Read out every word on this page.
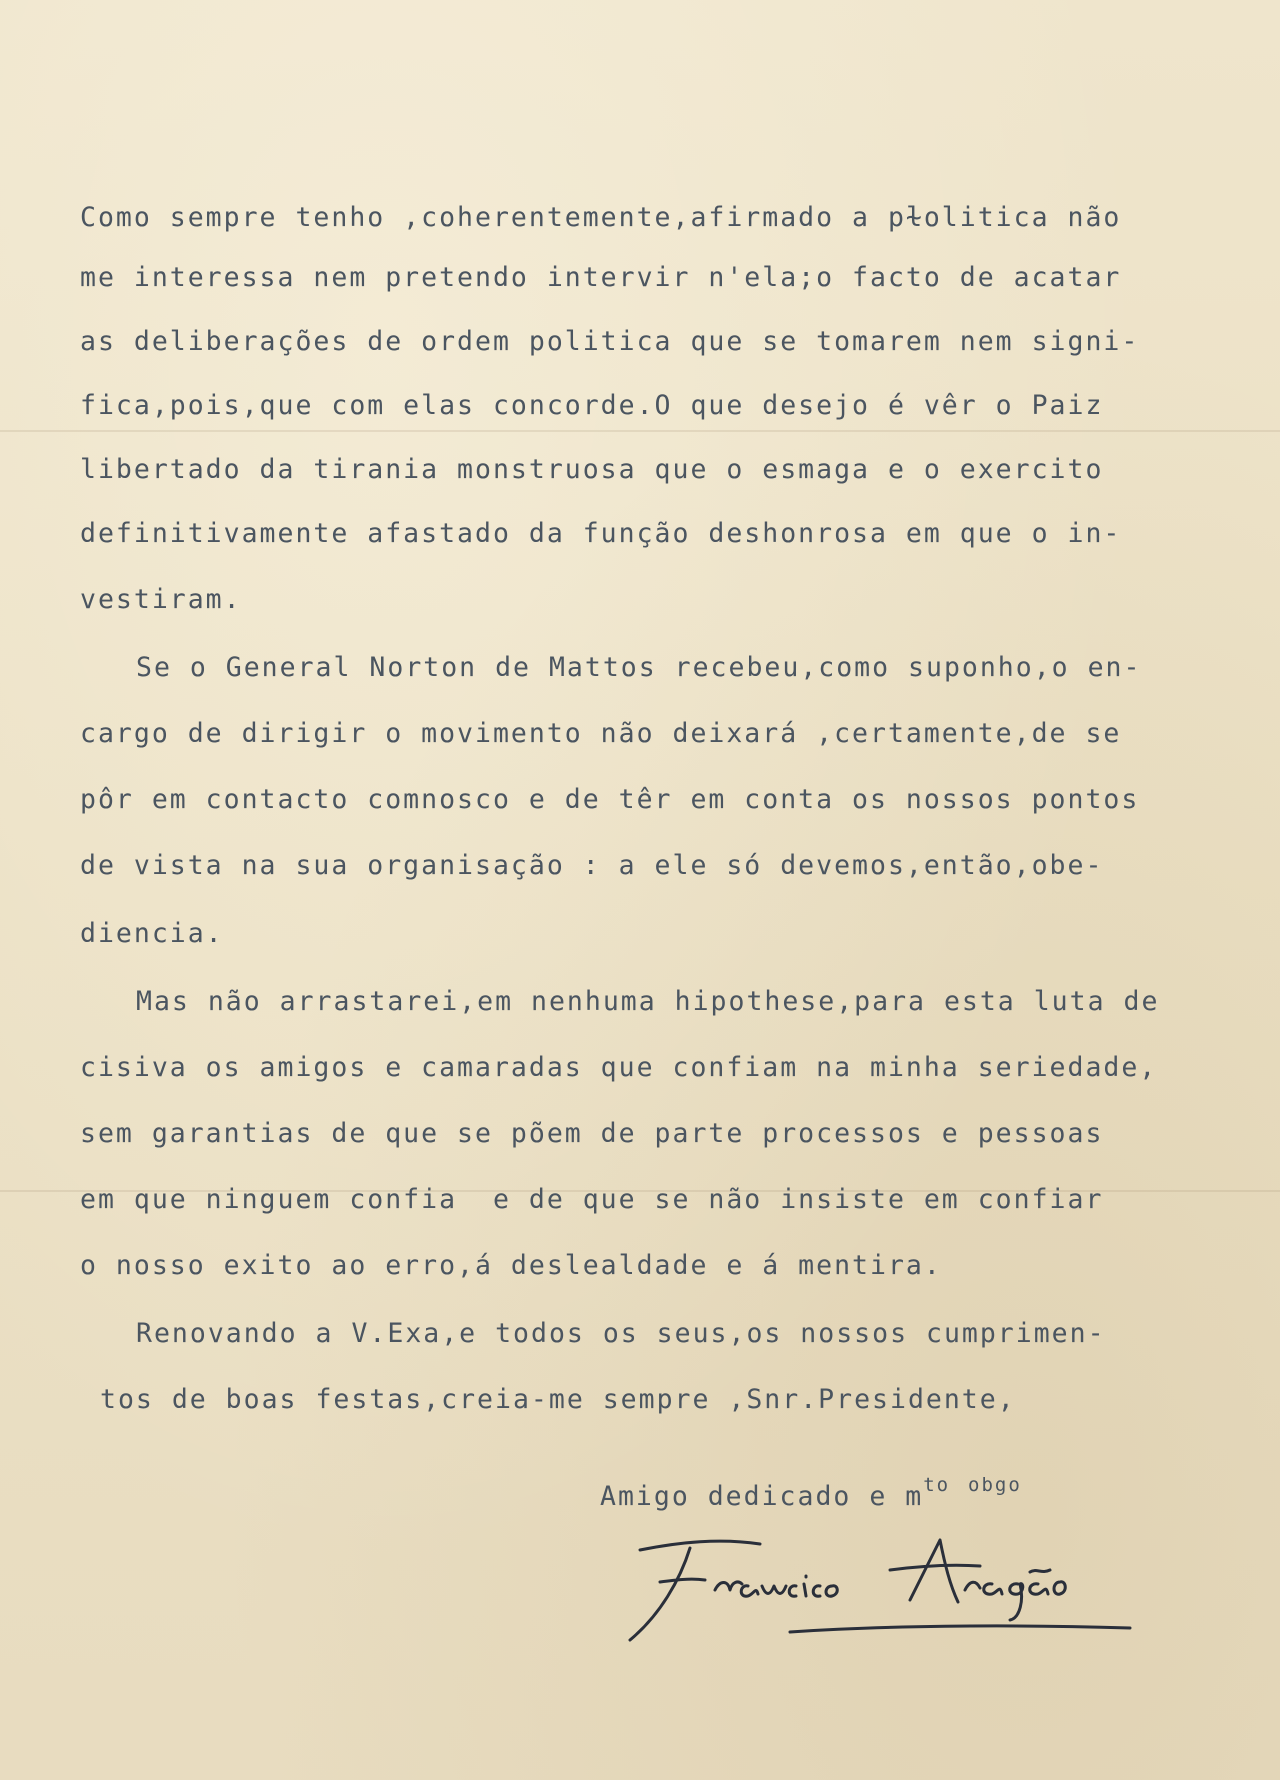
Como sempre tenho ,coherentemente,afirmado a pɫolitica não
me interessa nem pretendo intervir n'ela;o facto de acatar
as deliberações de ordem politica que se tomarem nem signi-
fica,pois,que com elas concorde.O que desejo é vêr o Paiz
libertado da tirania monstruosa que o esmaga e o exercito
definitivamente afastado da função deshonrosa em que o in-
vestiram.
Se o General Norton de Mattos recebeu,como suponho,o en-
cargo de dirigir o movimento não deixará ,certamente,de se
pôr em contacto comnosco e de têr em conta os nossos pontos
de vista na sua organisação : a ele só devemos,então,obe-
diencia.
Mas não arrastarei,em nenhuma hipothese,para esta luta de
cisiva os amigos e camaradas que confiam na minha seriedade,
sem garantias de que se põem de parte processos e pessoas
em que ninguem confia  e de que se não insiste em confiar
o nosso exito ao erro,á deslealdade e á mentira.
Renovando a V.Exa,e todos os seus,os nossos cumprimen-
tos de boas festas,creia-me sempre ,Snr.Presidente,
Amigo dedicado e $m^{to}$ $^{obgo}$
